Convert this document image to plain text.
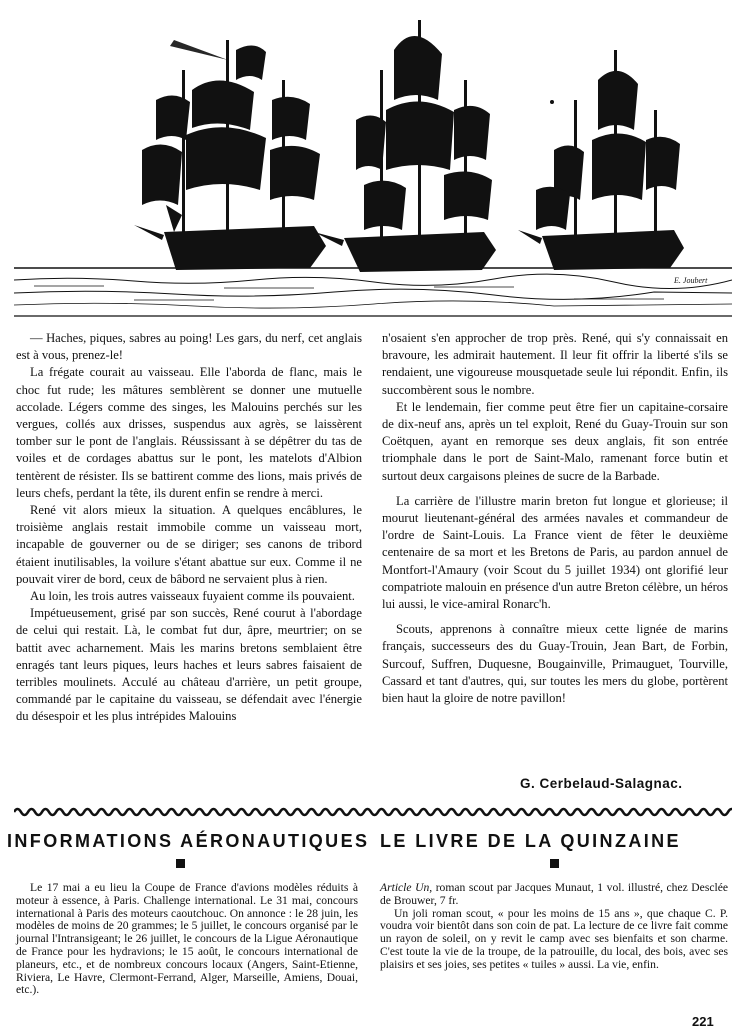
E. Joubert

— Haches, piques, sabres au poing! Les gars, du nerf, cet anglais est à vous, prenez-le!

La frégate courait au vaisseau. Elle l'aborda de flanc, mais le choc fut rude; les mâtures semblèrent se donner une mutuelle accolade. Légers comme des singes, les Malouins perchés sur les vergues, collés aux drisses, suspendus aux agrès, se laissèrent tomber sur le pont de l'anglais. Réussissant à se dépêtrer du tas de voiles et de cordages abattus sur le pont, les matelots d'Albion tentèrent de résister. Ils se battirent comme des lions, mais privés de leurs chefs, perdant la tête, ils durent enfin se rendre à merci.

René vit alors mieux la situation. A quelques encâblures, le troisième anglais restait immobile comme un vaisseau mort, incapable de gouverner ou de se diriger; ses canons de tribord étaient inutilisables, la voilure s'étant abattue sur eux. Comme il ne pouvait virer de bord, ceux de bâbord ne servaient plus à rien.

Au loin, les trois autres vaisseaux fuyaient comme ils pouvaient.

Impétueusement, grisé par son succès, René courut à l'abordage de celui qui restait. Là, le combat fut dur, âpre, meurtrier; on se battit avec acharnement. Mais les marins bretons semblaient être enragés tant leurs piques, leurs haches et leurs sabres faisaient de terribles moulinets. Acculé au château d'arrière, un petit groupe, commandé par le capitaine du vaisseau, se défendait avec l'énergie du désespoir et les plus intrépides Malouins

n'osaient s'en approcher de trop près. René, qui s'y connaissait en bravoure, les admirait hautement. Il leur fit offrir la liberté s'ils se rendaient, une vigoureuse mousquetade seule lui répondit. Enfin, ils succombèrent sous le nombre.

Et le lendemain, fier comme peut être fier un capitaine-corsaire de dix-neuf ans, après un tel exploit, René du Guay-Trouin sur son Coëtquen, ayant en remorque ses deux anglais, fit son entrée triomphale dans le port de Saint-Malo, ramenant force butin et surtout deux cargaisons pleines de sucre de la Barbade.

La carrière de l'illustre marin breton fut longue et glorieuse; il mourut lieutenant-général des armées navales et commandeur de l'ordre de Saint-Louis. La France vient de fêter le deuxième centenaire de sa mort et les Bretons de Paris, au pardon annuel de Montfort-l'Amaury (voir Scout du 5 juillet 1934) ont glorifié leur compatriote malouin en présence d'un autre Breton célèbre, un héros lui aussi, le vice-amiral Ronarc'h.

Scouts, apprenons à connaître mieux cette lignée de marins français, successeurs des du Guay-Trouin, Jean Bart, de Forbin, Surcouf, Suffren, Duquesne, Bougainville, Primauguet, Tourville, Cassard et tant d'autres, qui, sur toutes les mers du globe, portèrent bien haut la gloire de notre pavillon!

G. Cerbelaud-Salagnac.
INFORMATIONS AÉRONAUTIQUES

Le 17 mai a eu lieu la Coupe de France d'avions modèles réduits à moteur à essence, à Paris. Challenge international. Le 31 mai, concours international à Paris des moteurs caoutchouc. On annonce : le 28 juin, les modèles de moins de 20 grammes; le 5 juillet, le concours organisé par le journal l'Intransigeant; le 26 juillet, le concours de la Ligue Aéronautique de France pour les hydravions; le 15 août, le concours international de planeurs, etc., et de nombreux concours locaux (Angers, Saint-Etienne, Riviera, Le Havre, Clermont-Ferrand, Alger, Marseille, Amiens, Douai, etc.).

LE LIVRE DE LA QUINZAINE

Article Un, roman scout par Jacques Munaut, 1 vol. illustré, chez Desclée de Brouwer, 7 fr.

Un joli roman scout, « pour les moins de 15 ans », que chaque C. P. voudra voir bientôt dans son coin de pat. La lecture de ce livre fait comme un rayon de soleil, on y revit le camp avec ses bienfaits et son charme. C'est toute la vie de la troupe, de la patrouille, du local, des bois, avec ses plaisirs et ses joies, ses petites « tuiles » aussi. La vie, enfin.

221
